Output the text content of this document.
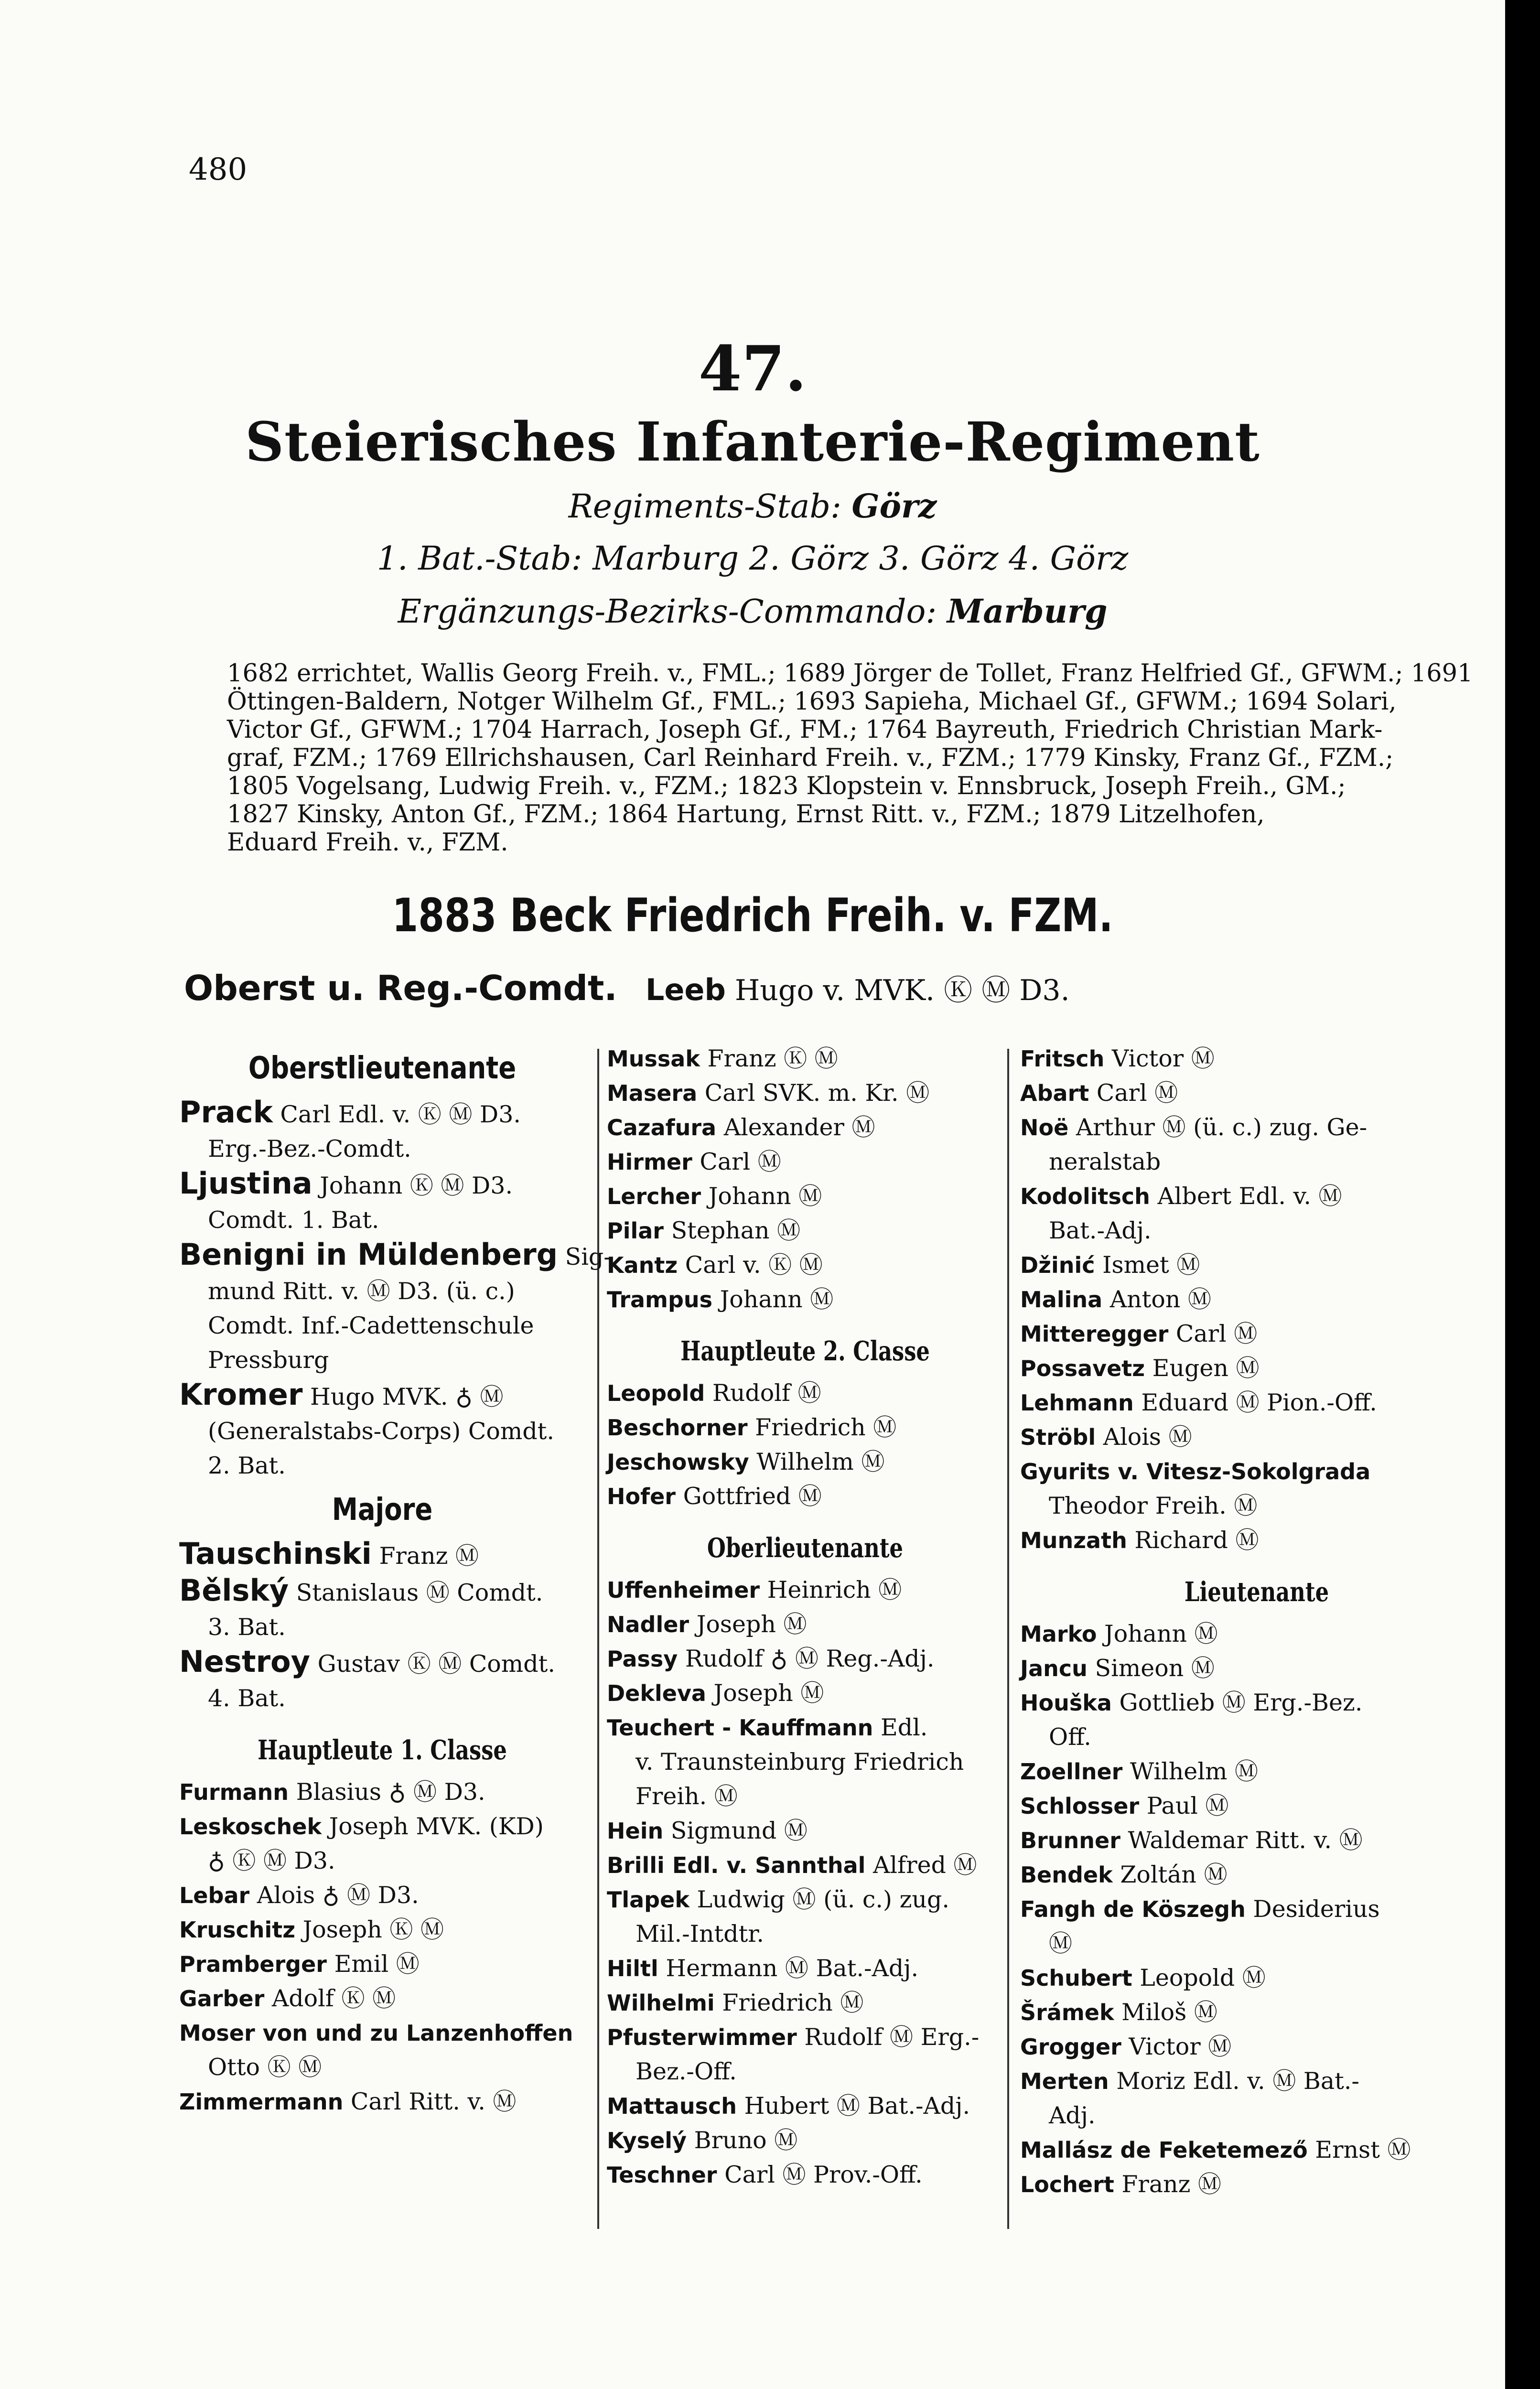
480
47.
Steierisches Infanterie-Regiment
Regiments-Stab: Görz
1. Bat.-Stab: Marburg 2. Görz 3. Görz 4. Görz
Ergänzungs-Bezirks-Commando: Marburg
1682 errichtet, Wallis Georg Freih. v., FML.; 1689 Jörger de Tollet, Franz Helfried Gf., GFWM.; 1691
Öttingen-Baldern, Notger Wilhelm Gf., FML.; 1693 Sapieha, Michael Gf., GFWM.; 1694 Solari,
Victor Gf., GFWM.; 1704 Harrach, Joseph Gf., FM.; 1764 Bayreuth, Friedrich Christian Mark-
graf, FZM.; 1769 Ellrichshausen, Carl Reinhard Freih. v., FZM.; 1779 Kinsky, Franz Gf., FZM.;
1805 Vogelsang, Ludwig Freih. v., FZM.; 1823 Klopstein v. Ennsbruck, Joseph Freih., GM.;
1827 Kinsky, Anton Gf., FZM.; 1864 Hartung, Ernst Ritt. v., FZM.; 1879 Litzelhofen,
Eduard Freih. v., FZM.
1883 Beck Friedrich Freih. v. FZM.
Oberst u. Reg.-Comdt. Leeb Hugo v. MVK. Ⓚ Ⓜ D3.
Oberstlieutenante
Prack Carl Edl. v. Ⓚ Ⓜ D3.
Erg.-Bez.-Comdt.
Ljustina Johann Ⓚ Ⓜ D3.
Comdt. 1. Bat.
Benigni in Müldenberg Sig-
mund Ritt. v. Ⓜ D3. (ü. c.)
Comdt. Inf.-Cadettenschule
Pressburg
Kromer Hugo MVK. ♁ Ⓜ
(Generalstabs-Corps) Comdt.
2. Bat.
Majore
Tauschinski Franz Ⓜ
Bělský Stanislaus Ⓜ Comdt.
3. Bat.
Nestroy Gustav Ⓚ Ⓜ Comdt.
4. Bat.
Hauptleute 1. Classe
Furmann Blasius ♁ Ⓜ D3.
Leskoschek Joseph MVK. (KD)
♁ Ⓚ Ⓜ D3.
Lebar Alois ♁ Ⓜ D3.
Kruschitz Joseph Ⓚ Ⓜ
Pramberger Emil Ⓜ
Garber Adolf Ⓚ Ⓜ
Moser von und zu Lanzenhoffen
Otto Ⓚ Ⓜ
Zimmermann Carl Ritt. v. Ⓜ
Mussak Franz Ⓚ Ⓜ
Masera Carl SVK. m. Kr. Ⓜ
Cazafura Alexander Ⓜ
Hirmer Carl Ⓜ
Lercher Johann Ⓜ
Pilar Stephan Ⓜ
Kantz Carl v. Ⓚ Ⓜ
Trampus Johann Ⓜ
Hauptleute 2. Classe
Leopold Rudolf Ⓜ
Beschorner Friedrich Ⓜ
Jeschowsky Wilhelm Ⓜ
Hofer Gottfried Ⓜ
Oberlieutenante
Uffenheimer Heinrich Ⓜ
Nadler Joseph Ⓜ
Passy Rudolf ♁ Ⓜ Reg.-Adj.
Dekleva Joseph Ⓜ
Teuchert - Kauffmann Edl.
v. Traunsteinburg Friedrich
Freih. Ⓜ
Hein Sigmund Ⓜ
Brilli Edl. v. Sannthal Alfred Ⓜ
Tlapek Ludwig Ⓜ (ü. c.) zug.
Mil.-Intdtr.
Hiltl Hermann Ⓜ Bat.-Adj.
Wilhelmi Friedrich Ⓜ
Pfusterwimmer Rudolf Ⓜ Erg.-
Bez.-Off.
Mattausch Hubert Ⓜ Bat.-Adj.
Kyselý Bruno Ⓜ
Teschner Carl Ⓜ Prov.-Off.
Fritsch Victor Ⓜ
Abart Carl Ⓜ
Noë Arthur Ⓜ (ü. c.) zug. Ge-
neralstab
Kodolitsch Albert Edl. v. Ⓜ
Bat.-Adj.
Džinić Ismet Ⓜ
Malina Anton Ⓜ
Mitteregger Carl Ⓜ
Possavetz Eugen Ⓜ
Lehmann Eduard Ⓜ Pion.-Off.
Ströbl Alois Ⓜ
Gyurits v. Vitesz-Sokolgrada
Theodor Freih. Ⓜ
Munzath Richard Ⓜ
Lieutenante
Marko Johann Ⓜ
Jancu Simeon Ⓜ
Houška Gottlieb Ⓜ Erg.-Bez.
Off.
Zoellner Wilhelm Ⓜ
Schlosser Paul Ⓜ
Brunner Waldemar Ritt. v. Ⓜ
Bendek Zoltán Ⓜ
Fangh de Köszegh Desiderius
Ⓜ
Schubert Leopold Ⓜ
Šrámek Miloš Ⓜ
Grogger Victor Ⓜ
Merten Moriz Edl. v. Ⓜ Bat.-
Adj.
Mallász de Feketemező Ernst Ⓜ
Lochert Franz Ⓜ
